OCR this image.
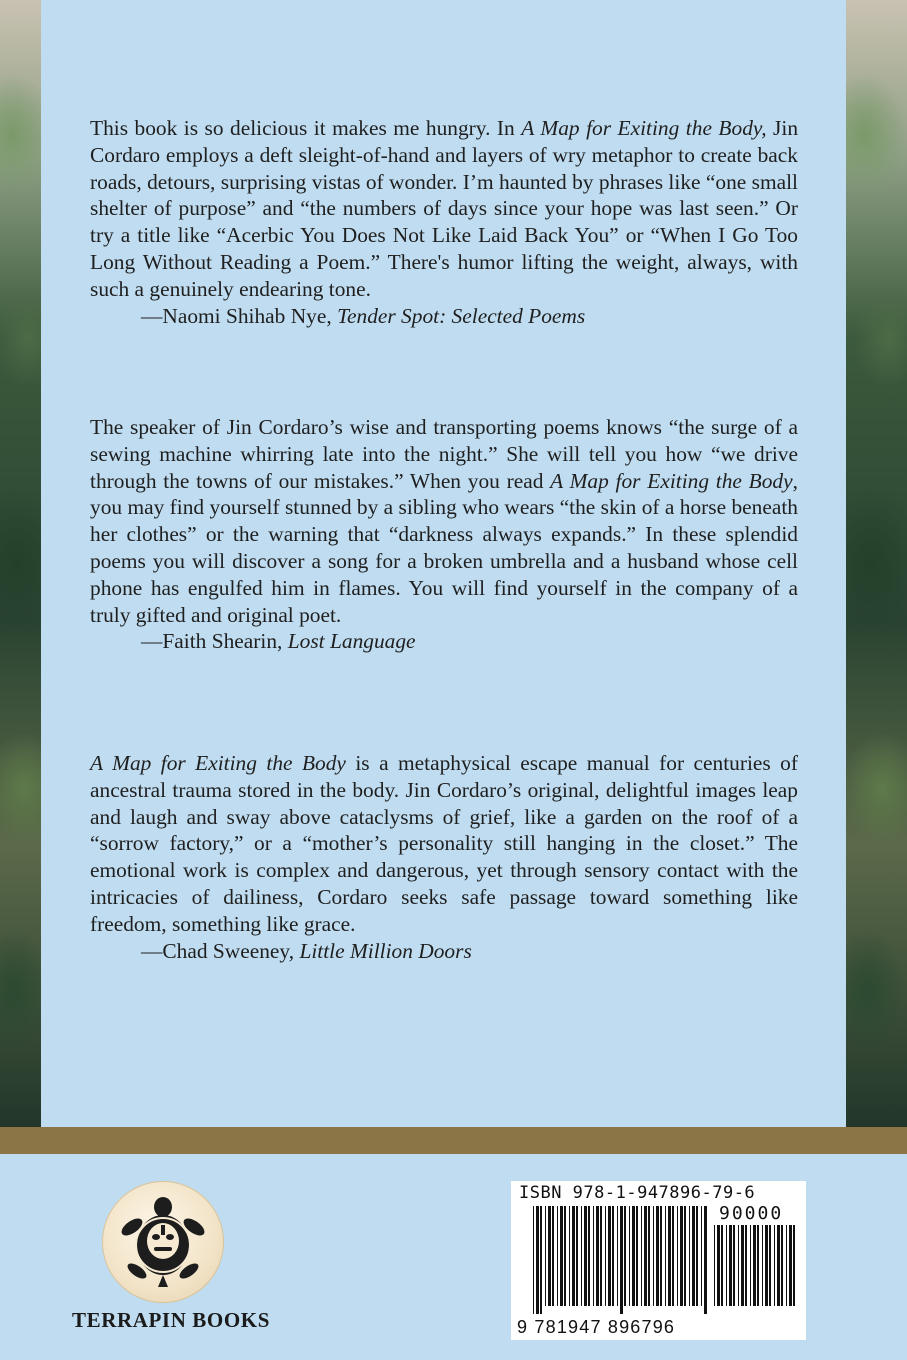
This book is so delicious it makes me hungry. In A Map for Exiting the Body, Jin Cordaro employs a deft sleight-of-hand and layers of wry metaphor to create back roads, detours, surprising vistas of wonder. I’m haunted by phrases like “one small shelter of purpose” and “the numbers of days since your hope was last seen.” Or try a title like “Acerbic You Does Not Like Laid Back You” or “When I Go Too Long Without Reading a Poem.” There's humor lifting the weight, always, with such a genuinely endearing tone.

—Naomi Shihab Nye, Tender Spot: Selected Poems

The speaker of Jin Cordaro’s wise and transporting poems knows “the surge of a sewing machine whirring late into the night.” She will tell you how “we drive through the towns of our mistakes.” When you read A Map for Exiting the Body, you may find yourself stunned by a sibling who wears “the skin of a horse beneath her clothes” or the warning that “darkness always expands.” In these splendid poems you will discover a song for a broken umbrella and a husband whose cell phone has engulfed him in flames. You will find yourself in the company of a truly gifted and original poet.

—Faith Shearin, Lost Language

A Map for Exiting the Body is a metaphysical escape manual for centuries of ancestral trauma stored in the body. Jin Cordaro’s original, delightful images leap and laugh and sway above cataclysms of grief, like a garden on the roof of a “sorrow factory,” or a “mother’s personality still hanging in the closet.” The emotional work is complex and dangerous, yet through sensory contact with the intricacies of dailiness, Cordaro seeks safe passage toward something like freedom, something like grace.

—Chad Sweeney, Little Million Doors

TERRAPIN BOOKS
ISBN 978-1-947896-79-6
90000
9 781947 896796
